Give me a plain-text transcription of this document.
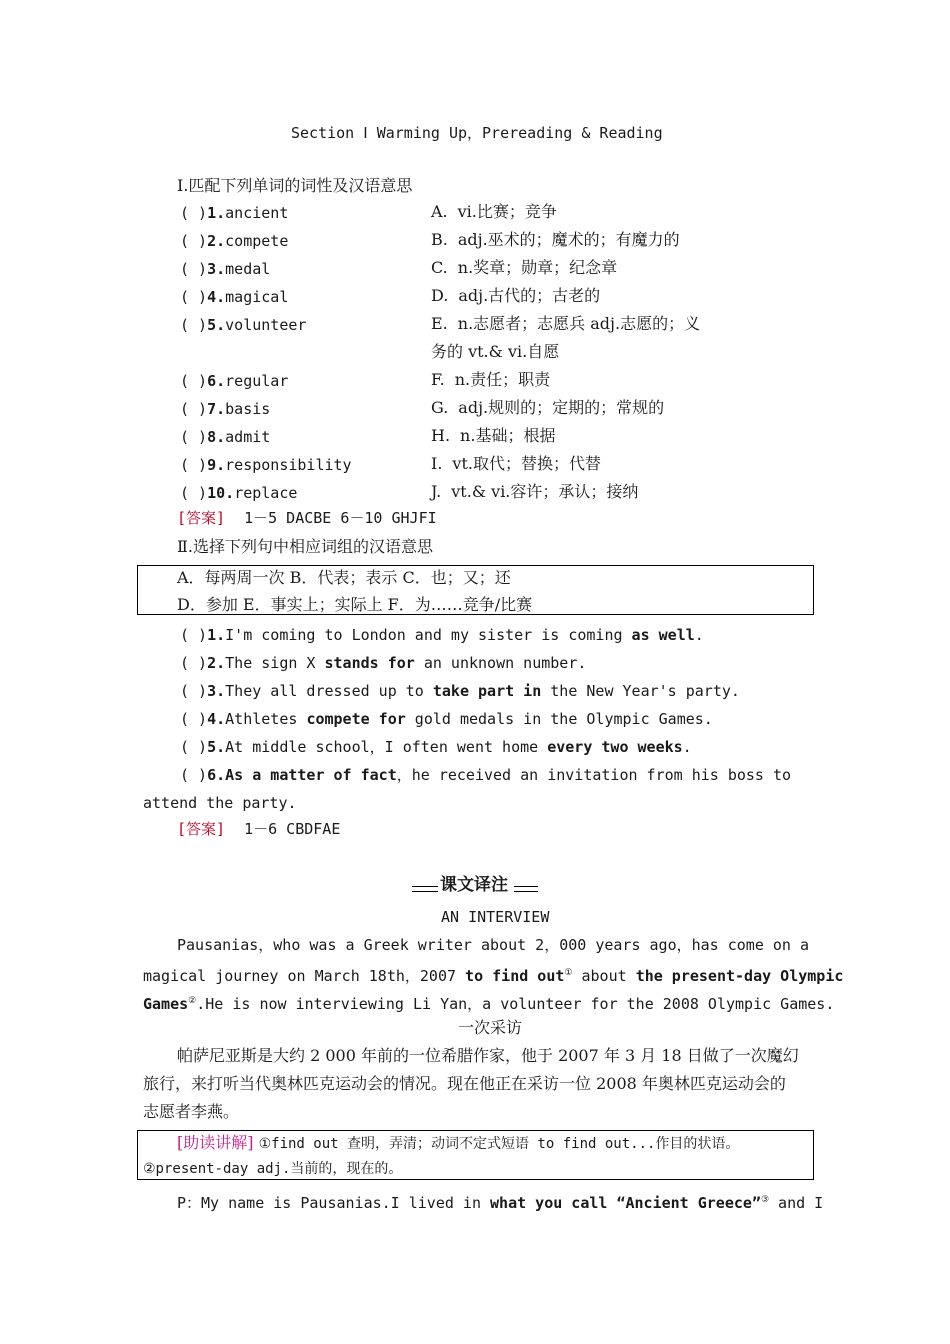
Section Ⅰ Warming Up，Prereading & Reading
Ⅰ.匹配下列单词的词性及汉语意思
( )1.ancient	A. vi.比赛；竞争
( )2.compete	B. adj.巫术的；魔术的；有魔力的
( )3.medal	C. n.奖章；勋章；纪念章
( )4.magical	D. adj.古代的；古老的
( )5.volunteer	E. n.志愿者；志愿兵 adj.志愿的；义
务的 vt.& vi.自愿
( )6.regular	F. n.责任；职责
( )7.basis	G. adj.规则的；定期的；常规的
( )8.admit	H. n.基础；根据
( )9.responsibility	I. vt.取代；替换；代替
( )10.replace	J. vt.& vi.容许；承认；接纳
[答案] 1－5 DACBE 6－10 GHJFI
Ⅱ.选择下列句中相应词组的汉语意思
A．每两周一次 B．代表；表示 C．也；又；还
D．参加 E．事实上；实际上 F．为……竞争/比赛
( )1.I'm coming to London and my sister is coming as well.
( )2.The sign X stands for an unknown number.
( )3.They all dressed up to take part in the New Year's party.
( )4.Athletes compete for gold medals in the Olympic Games.
( )5.At middle school，I often went home every two weeks.
( )6.As a matter of fact，he received an invitation from his boss to
attend the party.
[答案] 1－6 CBDFAE
课文译注
AN INTERVIEW
Pausanias，who was a Greek writer about 2，000 years ago，has come on a
magical journey on March 18th，2007 to find out① about the present-day Olympic
Games②.He is now interviewing Li Yan，a volunteer for the 2008 Olympic Games.
一次采访
帕萨尼亚斯是大约 2 000 年前的一位希腊作家，他于 2007 年 3 月 18 日做了一次魔幻
旅行，来打听当代奥林匹克运动会的情况。现在他正在采访一位 2008 年奥林匹克运动会的
志愿者李燕。
[助读讲解] ①find out 查明，弄清；动词不定式短语 to find out...作目的状语。
②present-day adj.当前的，现在的。
P：My name is Pausanias.I lived in what you call “Ancient Greece”③ and I
